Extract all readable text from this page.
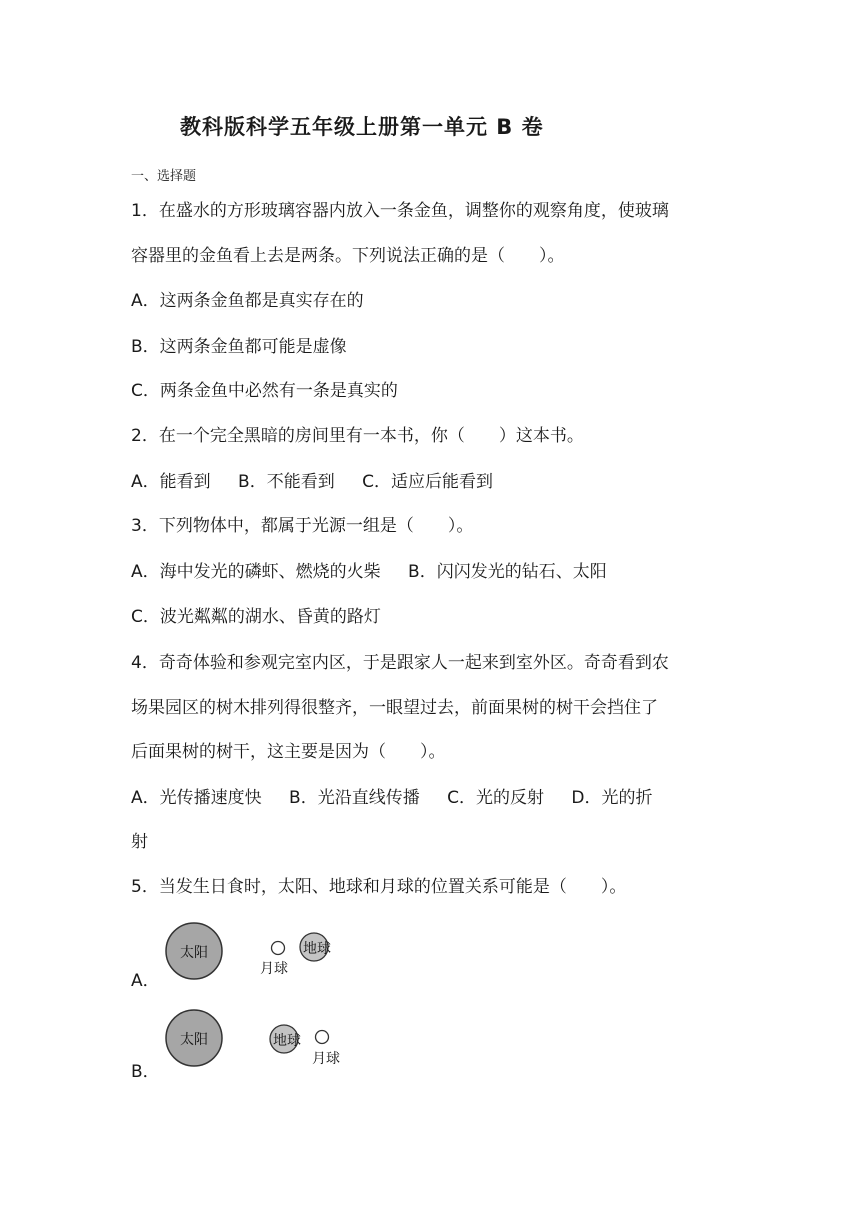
教科版科学五年级上册第一单元 B 卷
一、选择题
1．在盛水的方形玻璃容器内放入一条金鱼，调整你的观察角度，使玻璃
容器里的金鱼看上去是两条。下列说法正确的是（　　）。
A．这两条金鱼都是真实存在的
B．这两条金鱼都可能是虚像
C．两条金鱼中必然有一条是真实的
2．在一个完全黑暗的房间里有一本书，你（　　）这本书。
A．能看到 B．不能看到 C．适应后能看到
3．下列物体中，都属于光源一组是（　　）。
A．海中发光的磷虾、燃烧的火柴 B．闪闪发光的钻石、太阳
C．波光粼粼的湖水、昏黄的路灯
4．奇奇体验和参观完室内区，于是跟家人一起来到室外区。奇奇看到农
场果园区的树木排列得很整齐，一眼望过去，前面果树的树干会挡住了
后面果树的树干，这主要是因为（　　）。
A．光传播速度快 B．光沿直线传播 C．光的反射 D．光的折
射
5．当发生日食时，太阳、地球和月球的位置关系可能是（　　）。
A．
太阳
月球
地球
B．
太阳	地球
月球
